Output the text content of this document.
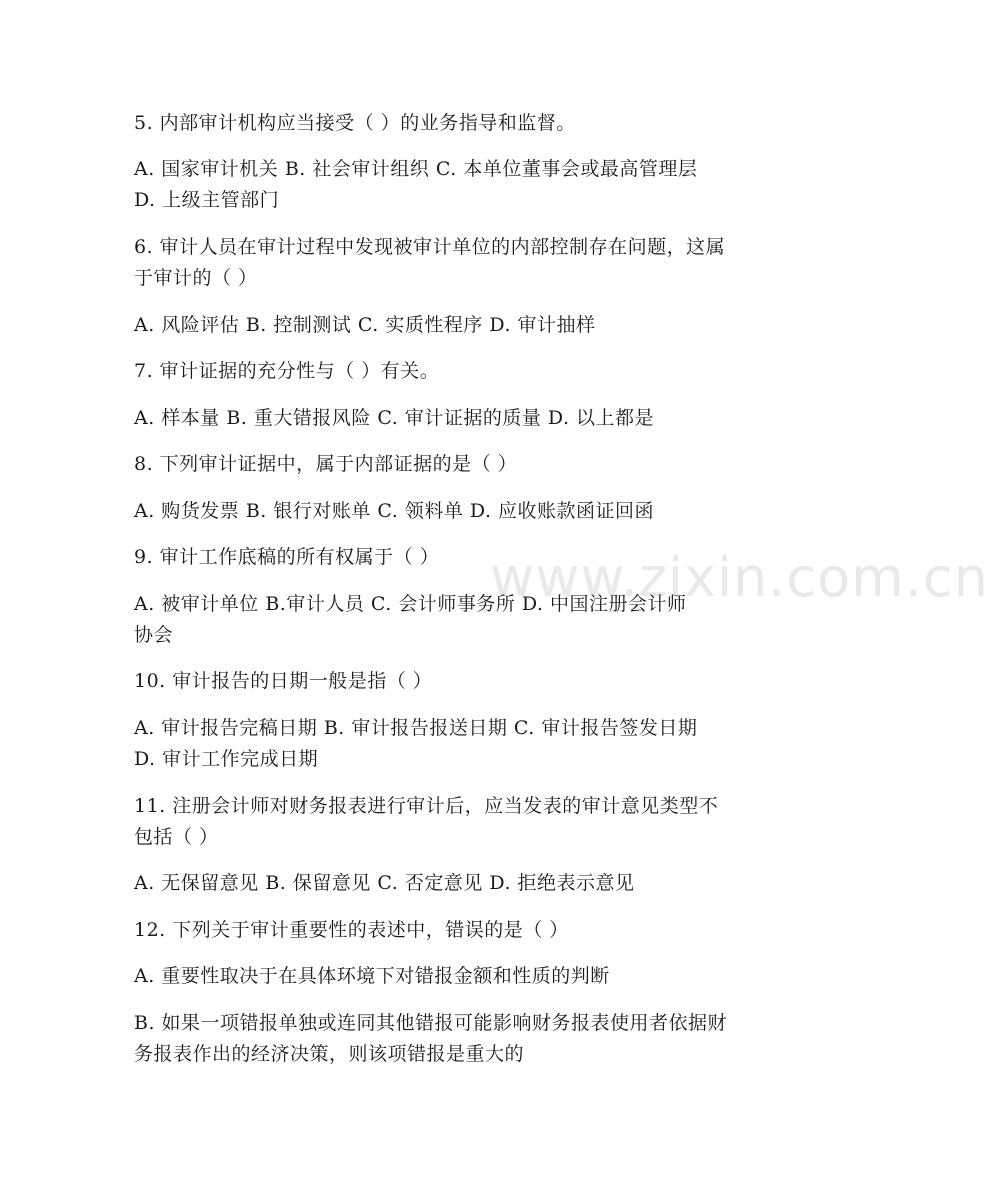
www.zixin.com.cn
5. 内部审计机构应当接受（ ）的业务指导和监督。
A. 国家审计机关 B. 社会审计组织 C. 本单位董事会或最高管理层
D. 上级主管部门
6. 审计人员在审计过程中发现被审计单位的内部控制存在问题，这属
于审计的（ ）
A. 风险评估 B. 控制测试 C. 实质性程序 D. 审计抽样
7. 审计证据的充分性与（ ）有关。
A. 样本量 B. 重大错报风险 C. 审计证据的质量 D. 以上都是
8. 下列审计证据中，属于内部证据的是（ ）
A. 购货发票 B. 银行对账单 C. 领料单 D. 应收账款函证回函
9. 审计工作底稿的所有权属于（ ）
A. 被审计单位 B.审计人员 C. 会计师事务所 D. 中国注册会计师
协会
10. 审计报告的日期一般是指（ ）
A. 审计报告完稿日期 B. 审计报告报送日期 C. 审计报告签发日期
D. 审计工作完成日期
11. 注册会计师对财务报表进行审计后，应当发表的审计意见类型不
包括（ ）
A. 无保留意见 B. 保留意见 C. 否定意见 D. 拒绝表示意见
12. 下列关于审计重要性的表述中，错误的是（ ）
A. 重要性取决于在具体环境下对错报金额和性质的判断
B. 如果一项错报单独或连同其他错报可能影响财务报表使用者依据财
务报表作出的经济决策，则该项错报是重大的
